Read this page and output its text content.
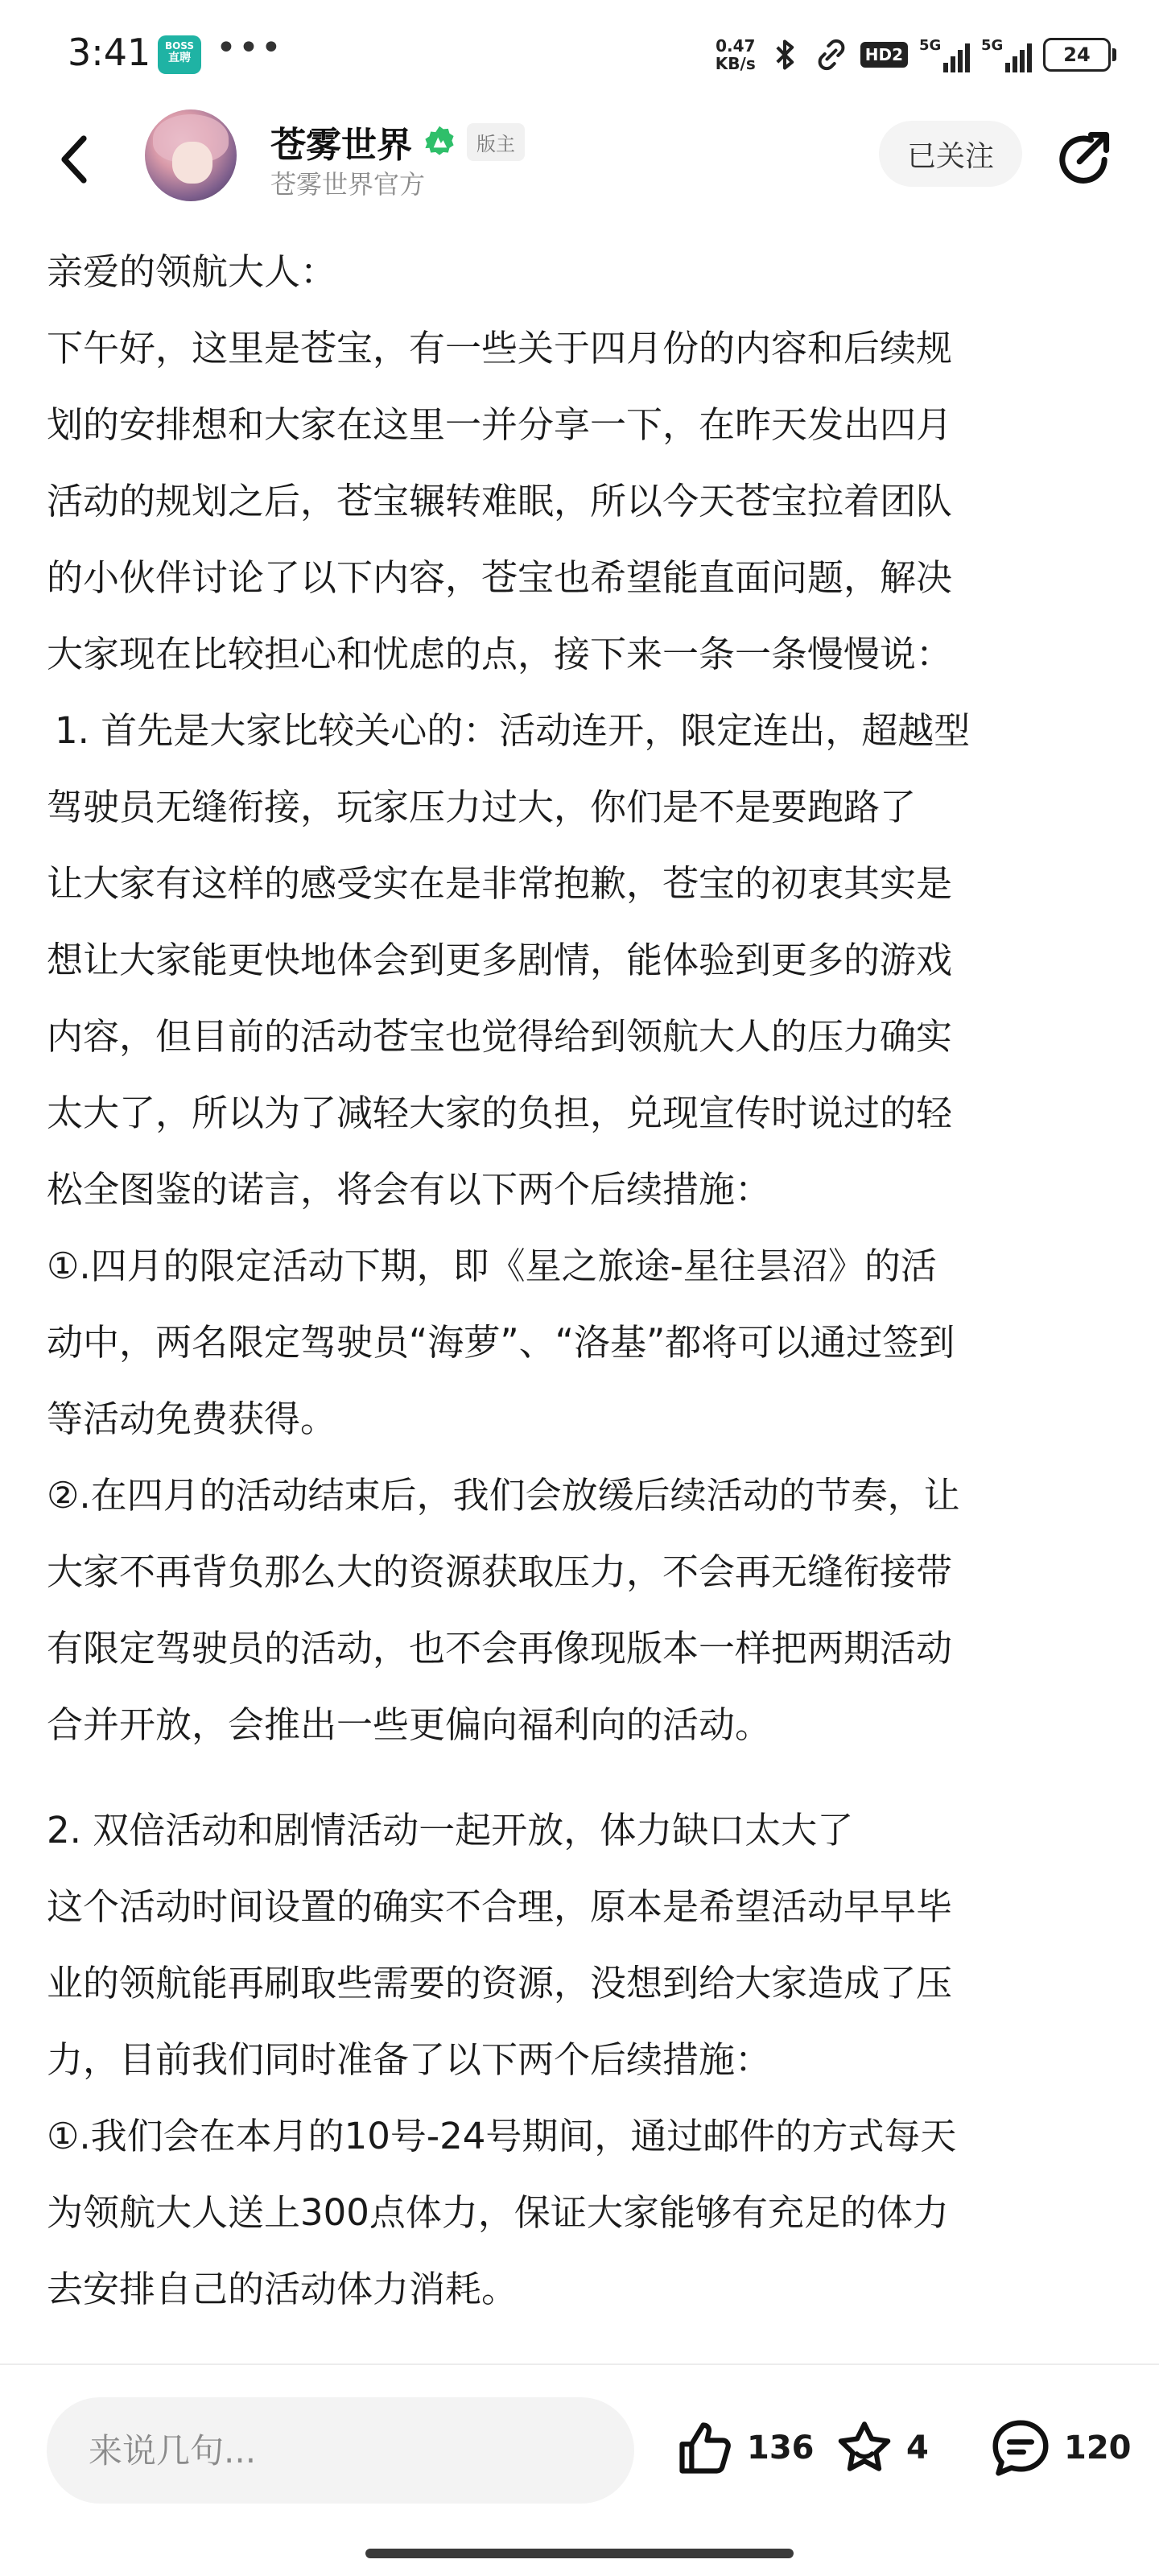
3:41	BOSS
直聘 •••	0.47
KB/s	HD2	5G	5G	24
苍雾世界	版主
苍雾世界官方
已关注

亲爱的领航大人：

下午好，这里是苍宝，有一些关于四月份的内容和后续规

划的安排想和大家在这里一并分享一下，在昨天发出四月

活动的规划之后，苍宝辗转难眠，所以今天苍宝拉着团队

的小伙伴讨论了以下内容，苍宝也希望能直面问题，解决

大家现在比较担心和忧虑的点，接下来一条一条慢慢说：

1. 首先是大家比较关心的：活动连开，限定连出，超越型

驾驶员无缝衔接，玩家压力过大，你们是不是要跑路了

让大家有这样的感受实在是非常抱歉，苍宝的初衷其实是

想让大家能更快地体会到更多剧情，能体验到更多的游戏

内容，但目前的活动苍宝也觉得给到领航大人的压力确实

太大了，所以为了减轻大家的负担，兑现宣传时说过的轻

松全图鉴的诺言，将会有以下两个后续措施：

①.四月的限定活动下期，即《星之旅途-星往昙沼》的活

动中，两名限定驾驶员“海萝”、“洛基”都将可以通过签到

等活动免费获得。

②.在四月的活动结束后，我们会放缓后续活动的节奏，让

大家不再背负那么大的资源获取压力，不会再无缝衔接带

有限定驾驶员的活动，也不会再像现版本一样把两期活动

合并开放，会推出一些更偏向福利向的活动。

2. 双倍活动和剧情活动一起开放，体力缺口太大了

这个活动时间设置的确实不合理，原本是希望活动早早毕

业的领航能再刷取些需要的资源，没想到给大家造成了压

力，目前我们同时准备了以下两个后续措施：

①.我们会在本月的10号-24号期间，通过邮件的方式每天

为领航大人送上300点体力，保证大家能够有充足的体力

去安排自己的活动体力消耗。

来说几句...
136	4	120
